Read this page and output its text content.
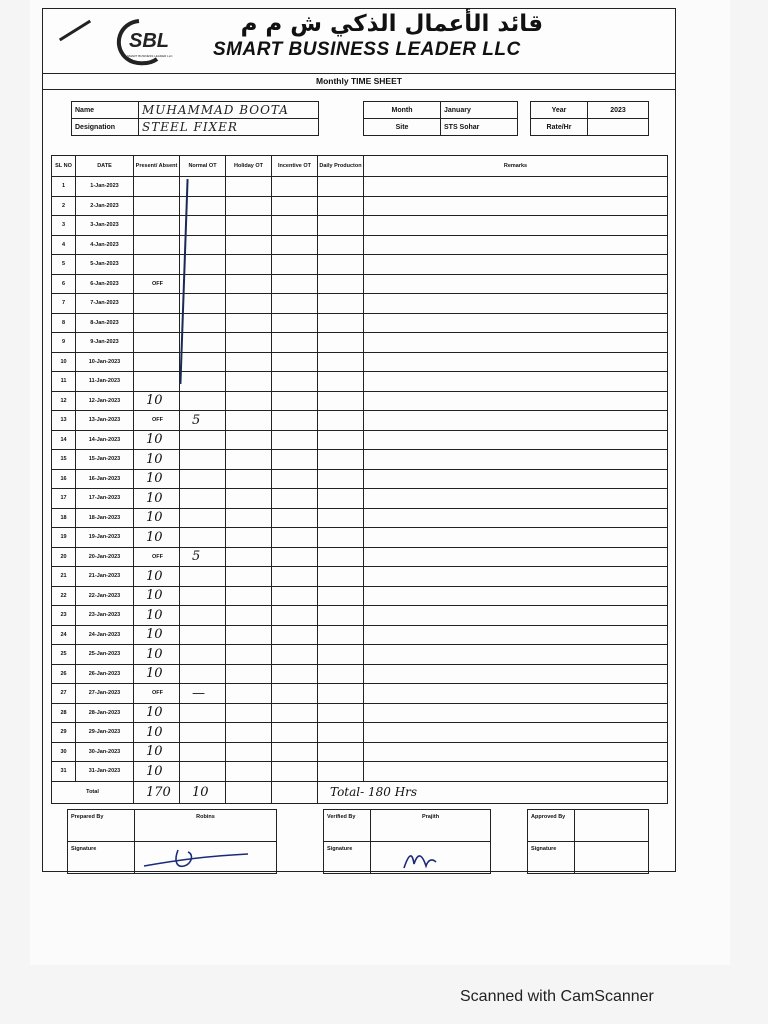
SBL
SMART BUSINESS LEADER LLC
قائد الأعمال الذكي ش م م
SMART BUSINESS LEADER LLC
Monthly TIME SHEET
Name	MUHAMMAD BOOTA
Designation	STEEL FIXER
Month	January		Year	2023
Site	STS Sohar		Rate/Hr	
SL NO	DATE	Present/ Absent	Normal OT	Holiday OT	Incentive OT	Daily Producton	Remarks
1	1-Jan-2023						
2	2-Jan-2023						
3	3-Jan-2023						
4	4-Jan-2023						
5	5-Jan-2023						
6	6-Jan-2023	OFF					
7	7-Jan-2023						
8	8-Jan-2023						
9	9-Jan-2023						
10	10-Jan-2023						
11	11-Jan-2023						
12	12-Jan-2023	10					
13	13-Jan-2023	OFF	5				
14	14-Jan-2023	10					
15	15-Jan-2023	10					
16	16-Jan-2023	10					
17	17-Jan-2023	10					
18	18-Jan-2023	10					
19	19-Jan-2023	10					
20	20-Jan-2023	OFF	5				
21	21-Jan-2023	10					
22	22-Jan-2023	10					
23	23-Jan-2023	10					
24	24-Jan-2023	10					
25	25-Jan-2023	10					
26	26-Jan-2023	10					
27	27-Jan-2023	OFF	—				
28	28-Jan-2023	10					
29	29-Jan-2023	10					
30	30-Jan-2023	10					
31	31-Jan-2023	10					
Total		170	10			Total- 180 Hrs	
Prepared By	Robins
Signature	
Verified By	Prajith
Signature	
Approved By	
Signature	
Scanned with CamScanner
